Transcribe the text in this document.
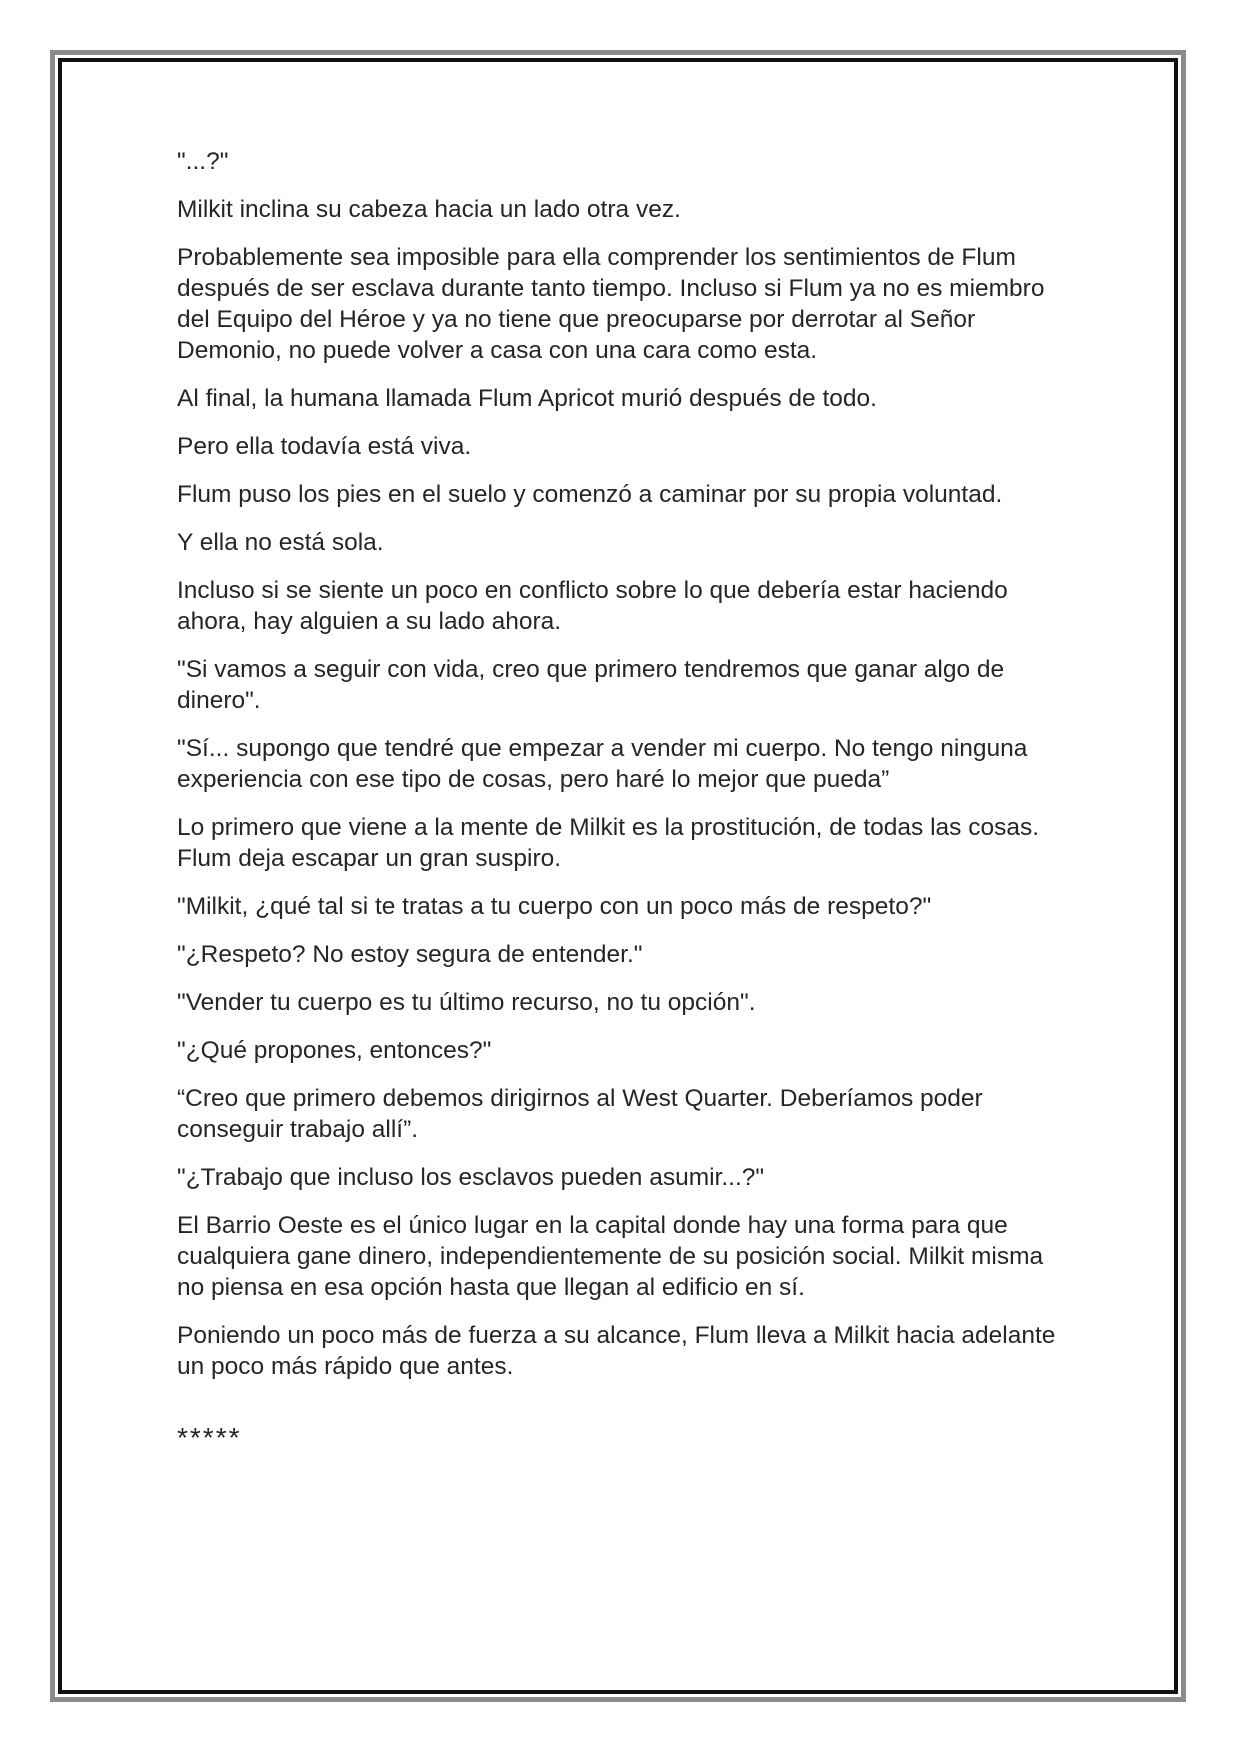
"...?"

Milkit inclina su cabeza hacia un lado otra vez.

Probablemente sea imposible para ella comprender los sentimientos de Flum después de ser esclava durante tanto tiempo. Incluso si Flum ya no es miembro del Equipo del Héroe y ya no tiene que preocuparse por derrotar al Señor Demonio, no puede volver a casa con una cara como esta.

Al final, la humana llamada Flum Apricot murió después de todo.

Pero ella todavía está viva.

Flum puso los pies en el suelo y comenzó a caminar por su propia voluntad.

Y ella no está sola.

Incluso si se siente un poco en conflicto sobre lo que debería estar haciendo ahora, hay alguien a su lado ahora.

"Si vamos a seguir con vida, creo que primero tendremos que ganar algo de dinero".

"Sí... supongo que tendré que empezar a vender mi cuerpo. No tengo ninguna experiencia con ese tipo de cosas, pero haré lo mejor que pueda”

Lo primero que viene a la mente de Milkit es la prostitución, de todas las cosas. Flum deja escapar un gran suspiro.

"Milkit, ¿qué tal si te tratas a tu cuerpo con un poco más de respeto?"

"¿Respeto? No estoy segura de entender."

"Vender tu cuerpo es tu último recurso, no tu opción".

"¿Qué propones, entonces?"

“Creo que primero debemos dirigirnos al West Quarter. Deberíamos poder conseguir trabajo allí”.

"¿Trabajo que incluso los esclavos pueden asumir...?"

El Barrio Oeste es el único lugar en la capital donde hay una forma para que cualquiera gane dinero, independientemente de su posición social. Milkit misma no piensa en esa opción hasta que llegan al edificio en sí.

Poniendo un poco más de fuerza a su alcance, Flum lleva a Milkit hacia adelante un poco más rápido que antes.

*****
